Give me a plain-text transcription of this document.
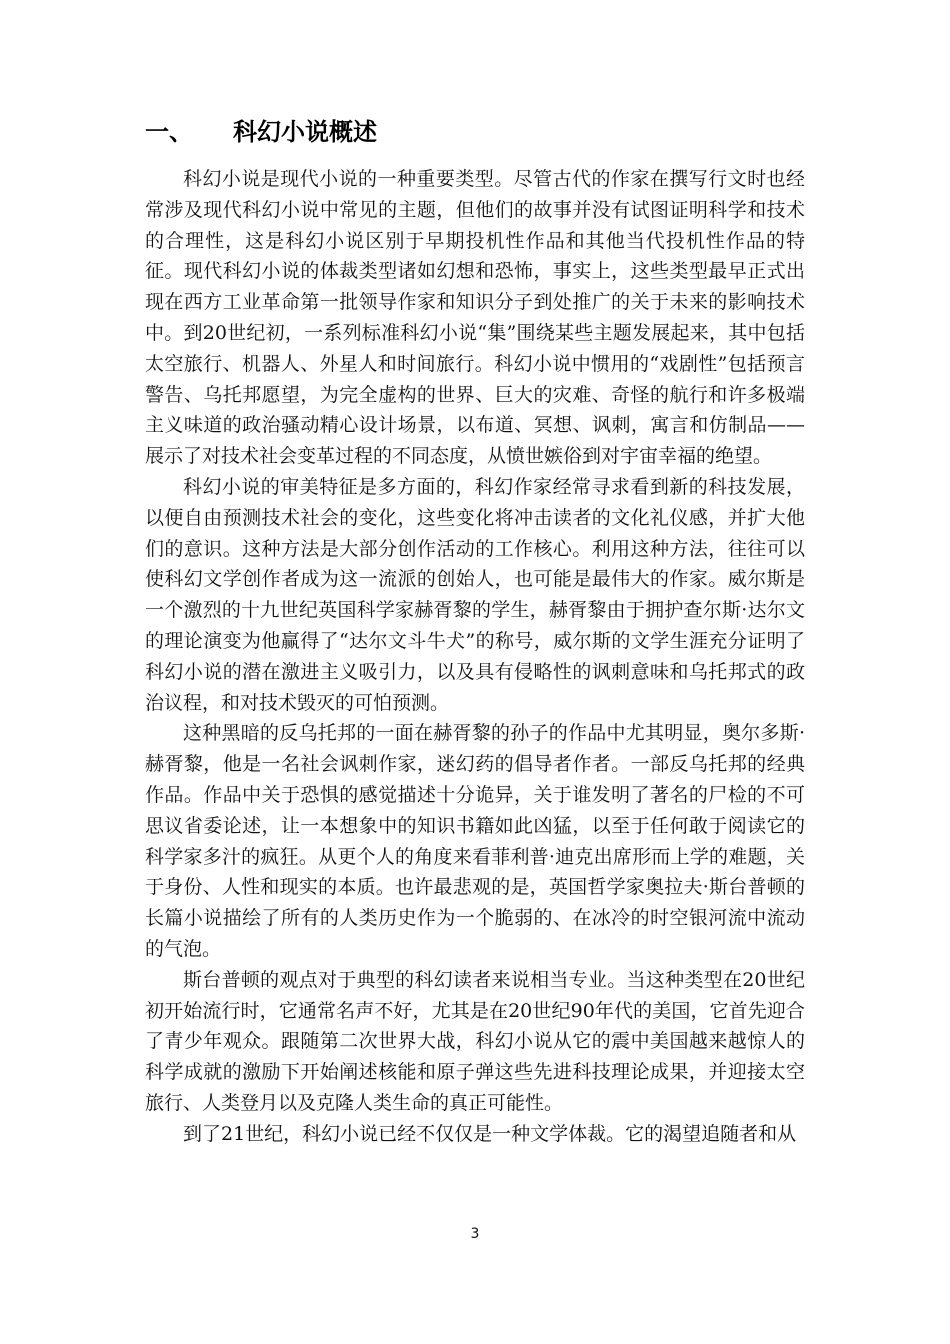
一、 科幻小说概述

科幻小说是现代小说的一种重要类型。尽管古代的作家在撰写行文时也经常涉及现代科幻小说中常见的主题，但他们的故事并没有试图证明科学和技术的合理性，这是科幻小说区别于早期投机性作品和其他当代投机性作品的特征。现代科幻小说的体裁类型诸如幻想和恐怖，事实上，这些类型最早正式出现在西方工业革命第一批领导作家和知识分子到处推广的关于未来的影响技术中。到20世纪初，一系列标准科幻小说“集”围绕某些主题发展起来，其中包括太空旅行、机器人、外星人和时间旅行。科幻小说中惯用的“戏剧性”包括预言警告、乌托邦愿望，为完全虚构的世界、巨大的灾难、奇怪的航行和许多极端主义味道的政治骚动精心设计场景，以布道、冥想、讽刺，寓言和仿制品——展示了对技术社会变革过程的不同态度，从愤世嫉俗到对宇宙幸福的绝望。

科幻小说的审美特征是多方面的，科幻作家经常寻求看到新的科技发展，以便自由预测技术社会的变化，这些变化将冲击读者的文化礼仪感，并扩大他们的意识。这种方法是大部分创作活动的工作核心。利用这种方法，往往可以使科幻文学创作者成为这一流派的创始人，也可能是最伟大的作家。威尔斯是一个激烈的十九世纪英国科学家赫胥黎的学生，赫胥黎由于拥护查尔斯·达尔文的理论演变为他赢得了“达尔文斗牛犬”的称号，威尔斯的文学生涯充分证明了科幻小说的潜在激进主义吸引力，以及具有侵略性的讽刺意味和乌托邦式的政治议程，和对技术毁灭的可怕预测。

这种黑暗的反乌托邦的一面在赫胥黎的孙子的作品中尤其明显，奥尔多斯·赫胥黎，他是一名社会讽刺作家，迷幻药的倡导者作者。一部反乌托邦的经典作品。作品中关于恐惧的感觉描述十分诡异，关于谁发明了著名的尸检的不可思议省委论述，让一本想象中的知识书籍如此凶猛，以至于任何敢于阅读它的科学家多汁的疯狂。从更个人的角度来看菲利普·迪克出席形而上学的难题，关于身份、人性和现实的本质。也许最悲观的是，英国哲学家奥拉夫·斯台普顿的长篇小说描绘了所有的人类历史作为一个脆弱的、在冰冷的时空银河流中流动的气泡。

斯台普顿的观点对于典型的科幻读者来说相当专业。当这种类型在20世纪初开始流行时，它通常名声不好，尤其是在20世纪90年代的美国，它首先迎合了青少年观众。跟随第二次世界大战，科幻小说从它的震中美国越来越惊人的科学成就的激励下开始阐述核能和原子弹这些先进科技理论成果，并迎接太空旅行、人类登月以及克隆人类生命的真正可能性。

到了21世纪，科幻小说已经不仅仅是一种文学体裁。它的渴望追随者和从

3
